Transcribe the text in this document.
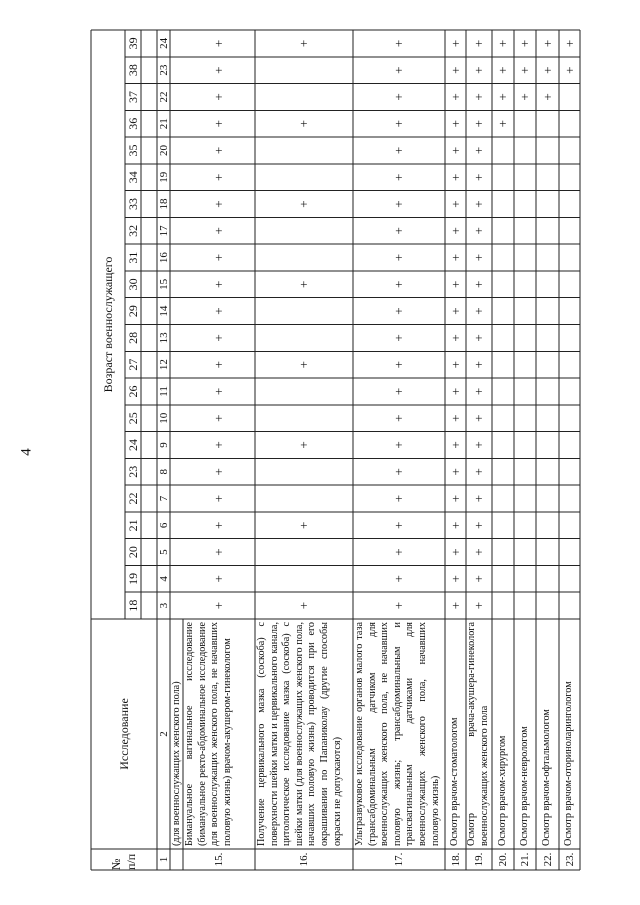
4
№ п/п
Исследование
Возраст военнослужащего
18
19
20
21
22
23
24
25
26
27
28
29
30
31
32
33
34
35
36
37
38
39
1
2
3
4
5
6
7
8
9
10
11
12
13
14
15
16
17
18
19
20
21
22
23
24
(для военнослужащих женского пола)
15.
Бимануальное вагинальное исследование (бимануальное ректо-абдоминальное исследование для военнослужащих женского пола, не начавших половую жизнь) врачом-акушером-гинекологом
+
+
+
+
+
+
+
+
+
+
+
+
+
+
+
+
+
+
+
+
+
+
16.
Получение цервикального мазка (соскоба) с поверхности шейки матки и цервикального канала, цитологическое исследование мазка (соскоба) с шейки матки (для военнослужащих женского пола, начавших половую жизнь) проводится при его окрашивании по Папаниколау (другие способы окраски не допускаются)
+
+
+
+
+
+
+
+
17.
Ультразвуковое исследование органов малого таза (трансабдоминальным датчиком для военнослужащих женского пола, не начавших половую жизнь; трансабдоминальным и трансвагинальным датчиками для военнослужащих женского пола, начавших половую жизнь)
+
+
+
+
+
+
+
+
+
+
+
+
+
+
+
+
+
+
+
+
+
+
18.
Осмотр врачом-стоматологом
+
+
+
+
+
+
+
+
+
+
+
+
+
+
+
+
+
+
+
+
+
+
19.
Осмотр врача-акушера-гинеколога военнослужащих женского пола
+
+
+
+
+
+
+
+
+
+
+
+
+
+
+
+
+
+
+
+
+
+
20.
Осмотр врачом-хирургом
+
+
+
+
21.
Осмотр врачом-неврологом
+
+
+
22.
Осмотр врачом-офтальмологом
+
+
+
23.
Осмотр врачом-оториноларингологом
+
+
